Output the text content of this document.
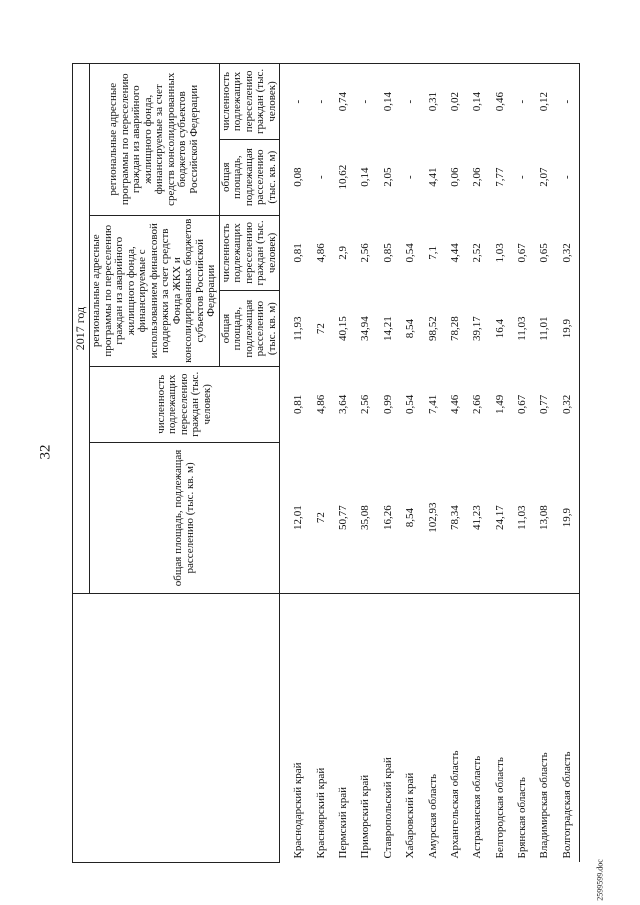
32
2599599.doc
	2017 год					
	общая площадь, подлежащая расселению (тыс. кв. м)	численность подлежащих переселению граждан (тыс. человек)	региональные адресные программы по переселению граждан из аварийного жилищного фонда, финансируемые с использованием финансовой поддержки за счет средств Фонда ЖКХ и консолидированных бюджетов субъектов Российской Федерации		региональные адресные программы по переселению граждан из аварийного жилищного фонда, финансируемые за счет средств консолидированных бюджетов субъектов Российской Федерации	
			общая площадь, подлежащая расселению (тыс. кв. м)	численность подлежащих переселению граждан (тыс. человек)	общая площадь, подлежащая расселению (тыс. кв. м)	численность подлежащих переселению граждан (тыс. человек)
Краснодарский край	12,01	0,81	11,93	0,81	0,08	-
Красноярский край	72	4,86	72	4,86	-	-
Пермский край	50,77	3,64	40,15	2,9	10,62	0,74
Приморский край	35,08	2,56	34,94	2,56	0,14	-
Ставропольский край	16,26	0,99	14,21	0,85	2,05	0,14
Хабаровский край	8,54	0,54	8,54	0,54	-	-
Амурская область	102,93	7,41	98,52	7,1	4,41	0,31
Архангельская область	78,34	4,46	78,28	4,44	0,06	0,02
Астраханская область	41,23	2,66	39,17	2,52	2,06	0,14
Белгородская область	24,17	1,49	16,4	1,03	7,77	0,46
Брянская область	11,03	0,67	11,03	0,67	-	-
Владимирская область	13,08	0,77	11,01	0,65	2,07	0,12
Волгоградская область	19,9	0,32	19,9	0,32	-	-
